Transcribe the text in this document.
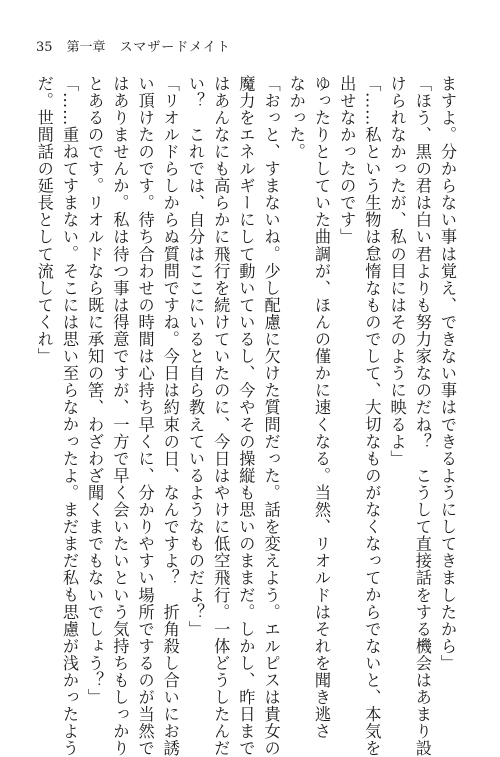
35 第一章 スマザードメイト
ますよ。分からない事は覚え、できない事はできるようにしてきましたから」
「ほう、黒の君は白い君よりも努力家なのだね？　こうして直接話をする機会はあまり設
けられなかったが、私の目にはそのように映るよ」
「……私という生物は怠惰なものでして、大切なものがなくなってからでないと、本気を
出せなかったのです」
ゆったりとしていた曲調が、ほんの僅かに速くなる。当然、リオルドはそれを聞き逃さ
なかった。
「おっと、すまないね。少し配慮に欠けた質問だった。話を変えよう。エルピスは貴女の
魔力をエネルギーにして動いているし、今やその操縦も思いのままだ。しかし、昨日まで
はあんなにも高らかに飛行を続けていたのに、今日はやけに低空飛行。一体どうしたんだ
い？　これでは、自分はここにいると自ら教えているようなものだよ？」
「リオルドらしからぬ質問ですね。今日は約束の日、なんですよ？　折角殺し合いにお誘
い頂けたのです。待ち合わせの時間は心持ち早くに、分かりやすい場所でするのが当然で
はありませんか。私は待つ事は得意ですが、一方で早く会いたいという気持ちもしっかり
とあるのです。リオルドなら既に承知の筈、わざわざ聞くまでもないでしょう？」
「……重ねてすまない。そこには思い至らなかったよ。まだまだ私も思慮が浅かったよう
だ。世間話の延長として流してくれ」
